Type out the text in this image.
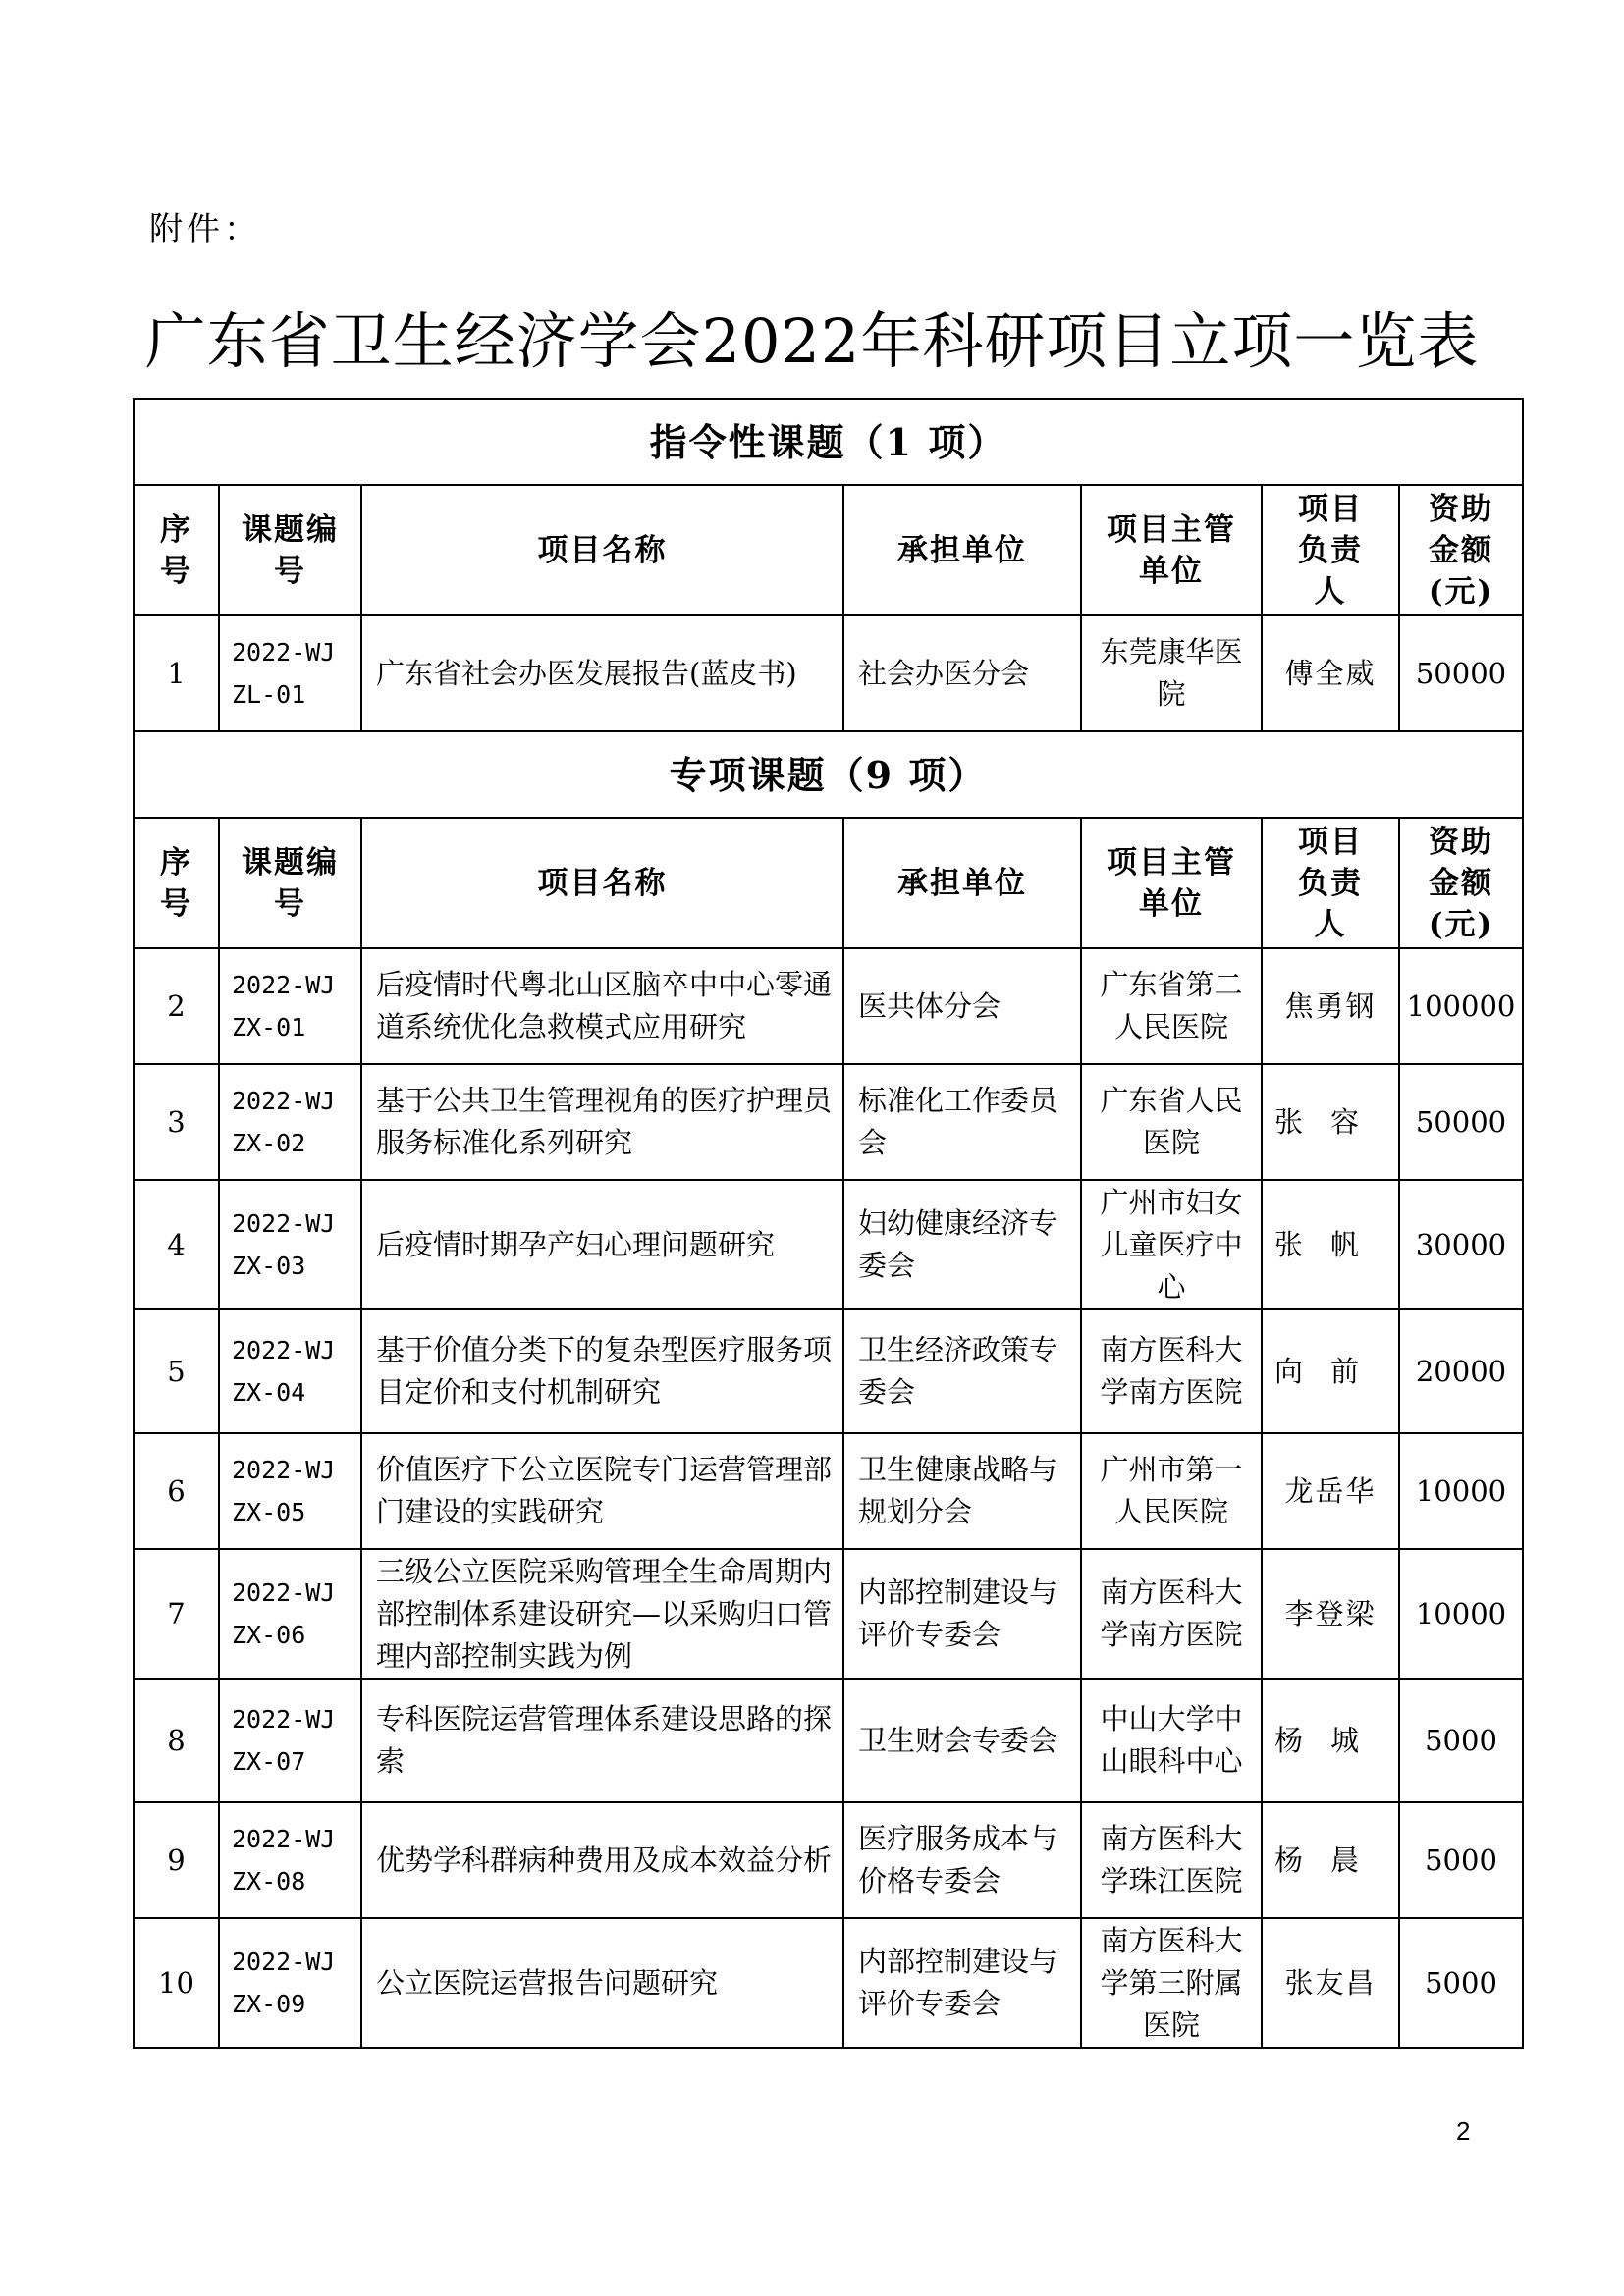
附件：
广东省卫生经济学会2022年科研项目立项一览表
指令性课题（1 项）						
序号	课题编号	项目名称	承担单位	项目主管单位	项目负责人	资助金额(元)
1	2022-WJZL-01	广东省社会办医发展报告(蓝皮书)	社会办医分会	东莞康华医院	傅全威	50000
专项课题（9 项）						
序号	课题编号	项目名称	承担单位	项目主管单位	项目负责人	资助金额(元)
2	2022-WJZX-01	后疫情时代粤北山区脑卒中中心零通道系统优化急救模式应用研究	医共体分会	广东省第二人民医院	焦勇钢	100000
3	2022-WJZX-02	基于公共卫生管理视角的医疗护理员服务标准化系列研究	标准化工作委员会	广东省人民医院	张容	50000
4	2022-WJZX-03	后疫情时期孕产妇心理问题研究	妇幼健康经济专委会	广州市妇女儿童医疗中心	张帆	30000
5	2022-WJZX-04	基于价值分类下的复杂型医疗服务项目定价和支付机制研究	卫生经济政策专委会	南方医科大学南方医院	向前	20000
6	2022-WJZX-05	价值医疗下公立医院专门运营管理部门建设的实践研究	卫生健康战略与规划分会	广州市第一人民医院	龙岳华	10000
7	2022-WJZX-06	三级公立医院采购管理全生命周期内部控制体系建设研究—以采购归口管理内部控制实践为例	内部控制建设与评价专委会	南方医科大学南方医院	李登梁	10000
8	2022-WJZX-07	专科医院运营管理体系建设思路的探索	卫生财会专委会	中山大学中山眼科中心	杨城	5000
9	2022-WJZX-08	优势学科群病种费用及成本效益分析	医疗服务成本与价格专委会	南方医科大学珠江医院	杨晨	5000
10	2022-WJZX-09	公立医院运营报告问题研究	内部控制建设与评价专委会	南方医科大学第三附属医院	张友昌	5000
2
